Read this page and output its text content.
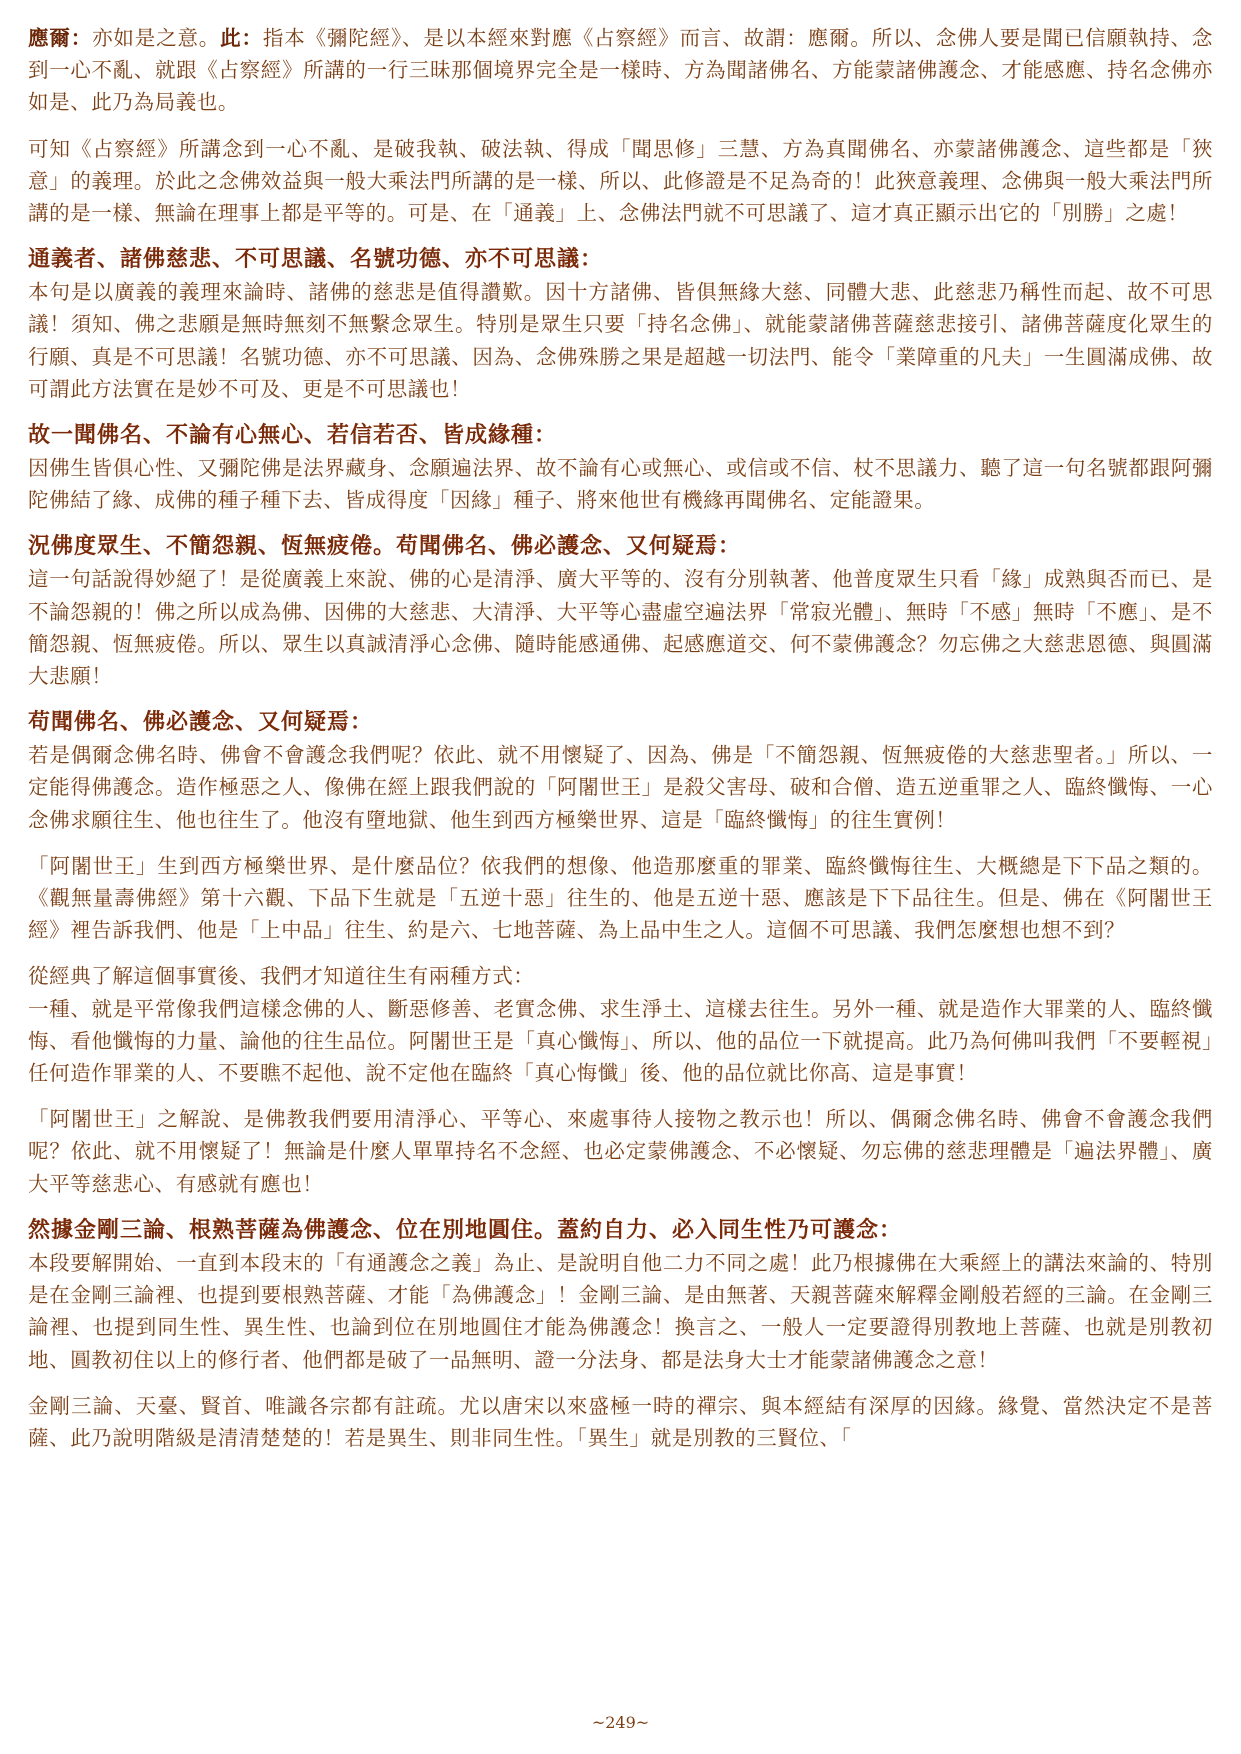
應爾：亦如是之意。此：指本《彌陀經》、是以本經來對應《占察經》而言、故謂：應爾。所以、念佛人要是聞已信願執持、念到一心不亂、就跟《占察經》所講的一行三昧那個境界完全是一樣時、方為聞諸佛名、方能蒙諸佛護念、才能感應、持名念佛亦如是、此乃為局義也。

可知《占察經》所講念到一心不亂、是破我執、破法執、得成「聞思修」三慧、方為真聞佛名、亦蒙諸佛護念、這些都是「狹意」的義理。於此之念佛效益與一般大乘法門所講的是一樣、所以、此修證是不足為奇的！此狹意義理、念佛與一般大乘法門所講的是一樣、無論在理事上都是平等的。可是、在「通義」上、念佛法門就不可思議了、這才真正顯示出它的「別勝」之處！

通義者、諸佛慈悲、不可思議、名號功德、亦不可思議：

本句是以廣義的義理來論時、諸佛的慈悲是值得讚歎。因十方諸佛、皆俱無緣大慈、同體大悲、此慈悲乃稱性而起、故不可思議！須知、佛之悲願是無時無刻不無繫念眾生。特別是眾生只要「持名念佛」、就能蒙諸佛菩薩慈悲接引、諸佛菩薩度化眾生的行願、真是不可思議！名號功德、亦不可思議、因為、念佛殊勝之果是超越一切法門、能令「業障重的凡夫」一生圓滿成佛、故可謂此方法實在是妙不可及、更是不可思議也！

故一聞佛名、不論有心無心、若信若否、皆成緣種：

因佛生皆俱心性、又彌陀佛是法界藏身、念願遍法界、故不論有心或無心、或信或不信、杖不思議力、聽了這一句名號都跟阿彌陀佛結了緣、成佛的種子種下去、皆成得度「因緣」種子、將來他世有機緣再聞佛名、定能證果。

況佛度眾生、不簡怨親、恆無疲倦。苟聞佛名、佛必護念、又何疑焉：

這一句話說得妙絕了！是從廣義上來說、佛的心是清淨、廣大平等的、沒有分別執著、他普度眾生只看「緣」成熟與否而已、是不論怨親的！佛之所以成為佛、因佛的大慈悲、大清淨、大平等心盡虛空遍法界「常寂光體」、無時「不感」無時「不應」、是不簡怨親、恆無疲倦。所以、眾生以真誠清淨心念佛、隨時能感通佛、起感應道交、何不蒙佛護念？勿忘佛之大慈悲恩德、與圓滿大悲願！

苟聞佛名、佛必護念、又何疑焉：

若是偶爾念佛名時、佛會不會護念我們呢？依此、就不用懷疑了、因為、佛是「不簡怨親、恆無疲倦的大慈悲聖者。」所以、一定能得佛護念。造作極惡之人、像佛在經上跟我們說的「阿闍世王」是殺父害母、破和合僧、造五逆重罪之人、臨終懺悔、一心念佛求願往生、他也往生了。他沒有墮地獄、他生到西方極樂世界、這是「臨終懺悔」的往生實例！

「阿闍世王」生到西方極樂世界、是什麼品位？依我們的想像、他造那麼重的罪業、臨終懺悔往生、大概總是下下品之類的。《觀無量壽佛經》第十六觀、下品下生就是「五逆十惡」往生的、他是五逆十惡、應該是下下品往生。但是、佛在《阿闍世王經》裡告訴我們、他是「上中品」往生、約是六、七地菩薩、為上品中生之人。這個不可思議、我們怎麼想也想不到？

從經典了解這個事實後、我們才知道往生有兩種方式：

一種、就是平常像我們這樣念佛的人、斷惡修善、老實念佛、求生淨土、這樣去往生。另外一種、就是造作大罪業的人、臨終懺悔、看他懺悔的力量、論他的往生品位。阿闍世王是「真心懺悔」、所以、他的品位一下就提高。此乃為何佛叫我們「不要輕視」任何造作罪業的人、不要瞧不起他、說不定他在臨終「真心悔懺」後、他的品位就比你高、這是事實！

「阿闍世王」之解說、是佛教我們要用清淨心、平等心、來處事待人接物之教示也！所以、偶爾念佛名時、佛會不會護念我們呢？依此、就不用懷疑了！無論是什麼人單單持名不念經、也必定蒙佛護念、不必懷疑、勿忘佛的慈悲理體是「遍法界體」、廣大平等慈悲心、有感就有應也！

然據金剛三論、根熟菩薩為佛護念、位在別地圓住。蓋約自力、必入同生性乃可護念：

本段要解開始、一直到本段末的「有通護念之義」為止、是說明自他二力不同之處！此乃根據佛在大乘經上的講法來論的、特別是在金剛三論裡、也提到要根熟菩薩、才能「為佛護念」！金剛三論、是由無著、天親菩薩來解釋金剛般若經的三論。在金剛三論裡、也提到同生性、異生性、也論到位在別地圓住才能為佛護念！換言之、一般人一定要證得別教地上菩薩、也就是別教初地、圓教初住以上的修行者、他們都是破了一品無明、證一分法身、都是法身大士才能蒙諸佛護念之意！

金剛三論、天臺、賢首、唯識各宗都有註疏。尤以唐宋以來盛極一時的禪宗、與本經結有深厚的因緣。緣覺、當然決定不是菩薩、此乃說明階級是清清楚楚的！若是異生、則非同生性。「異生」就是別教的三賢位、「

~249~
